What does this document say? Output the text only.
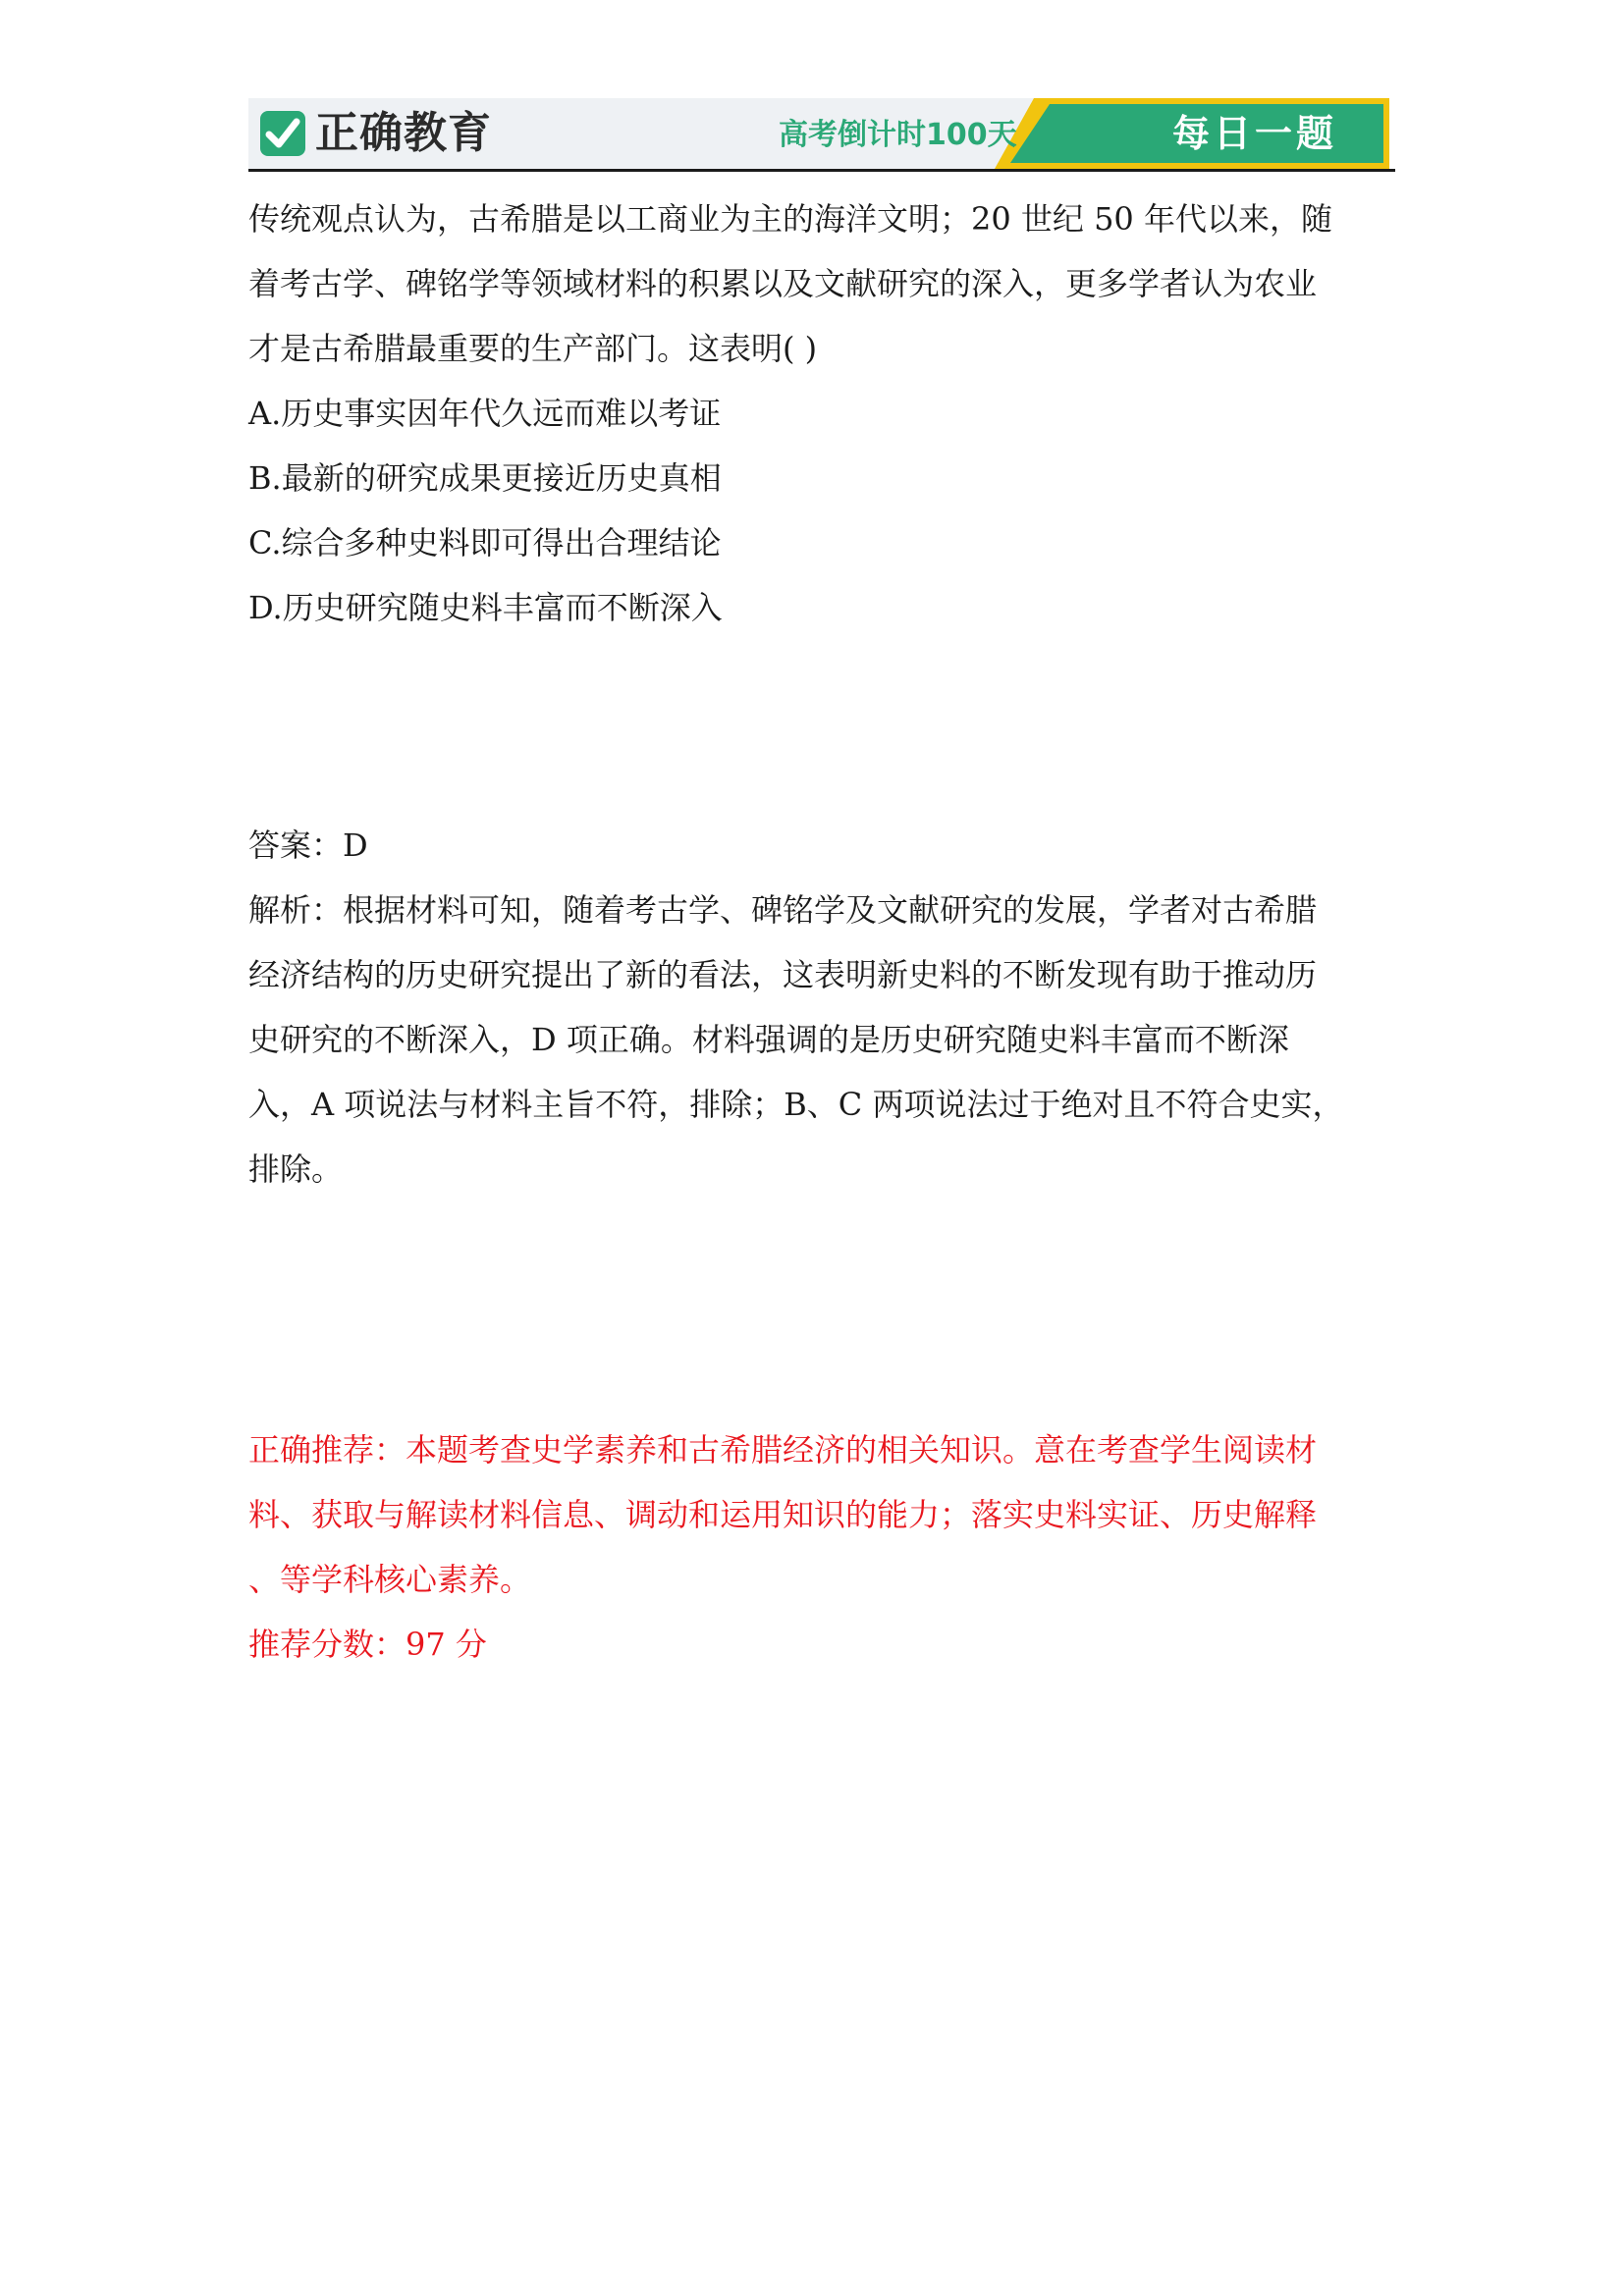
正确教育	高考倒计时100天	每日一题

传统观点认为，古希腊是以工商业为主的海洋文明；20 世纪 50 年代以来，随

着考古学、碑铭学等领域材料的积累以及文献研究的深入，更多学者认为农业

才是古希腊最重要的生产部门。这表明( )

A.历史事实因年代久远而难以考证

B.最新的研究成果更接近历史真相

C.综合多种史料即可得出合理结论

D.历史研究随史料丰富而不断深入

答案：D

解析：根据材料可知，随着考古学、碑铭学及文献研究的发展，学者对古希腊

经济结构的历史研究提出了新的看法，这表明新史料的不断发现有助于推动历

史研究的不断深入，D 项正确。材料强调的是历史研究随史料丰富而不断深

入，A 项说法与材料主旨不符，排除；B、C 两项说法过于绝对且不符合史实，

排除。

正确推荐：本题考查史学素养和古希腊经济的相关知识。意在考查学生阅读材

料、获取与解读材料信息、调动和运用知识的能力；落实史料实证、历史解释

、等学科核心素养。

推荐分数：97 分
